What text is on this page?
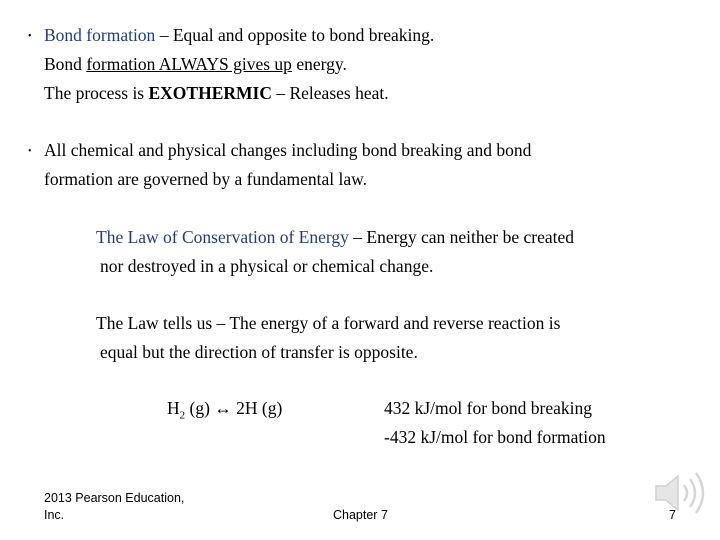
• Bond formation – Equal and opposite to bond breaking.
Bond formation ALWAYS gives up energy.
The process is EXOTHERMIC – Releases heat.
• All chemical and physical changes including bond breaking and bond
formation are governed by a fundamental law.
The Law of Conservation of Energy – Energy can neither be created
nor destroyed in a physical or chemical change.
The Law tells us – The energy of a forward and reverse reaction is
equal but the direction of transfer is opposite.
$H_2$ (g) ↔ 2H (g)	432 kJ/mol for bond breaking
-432 kJ/mol for bond formation
2013 Pearson Education,
Inc.	Chapter 7	7
